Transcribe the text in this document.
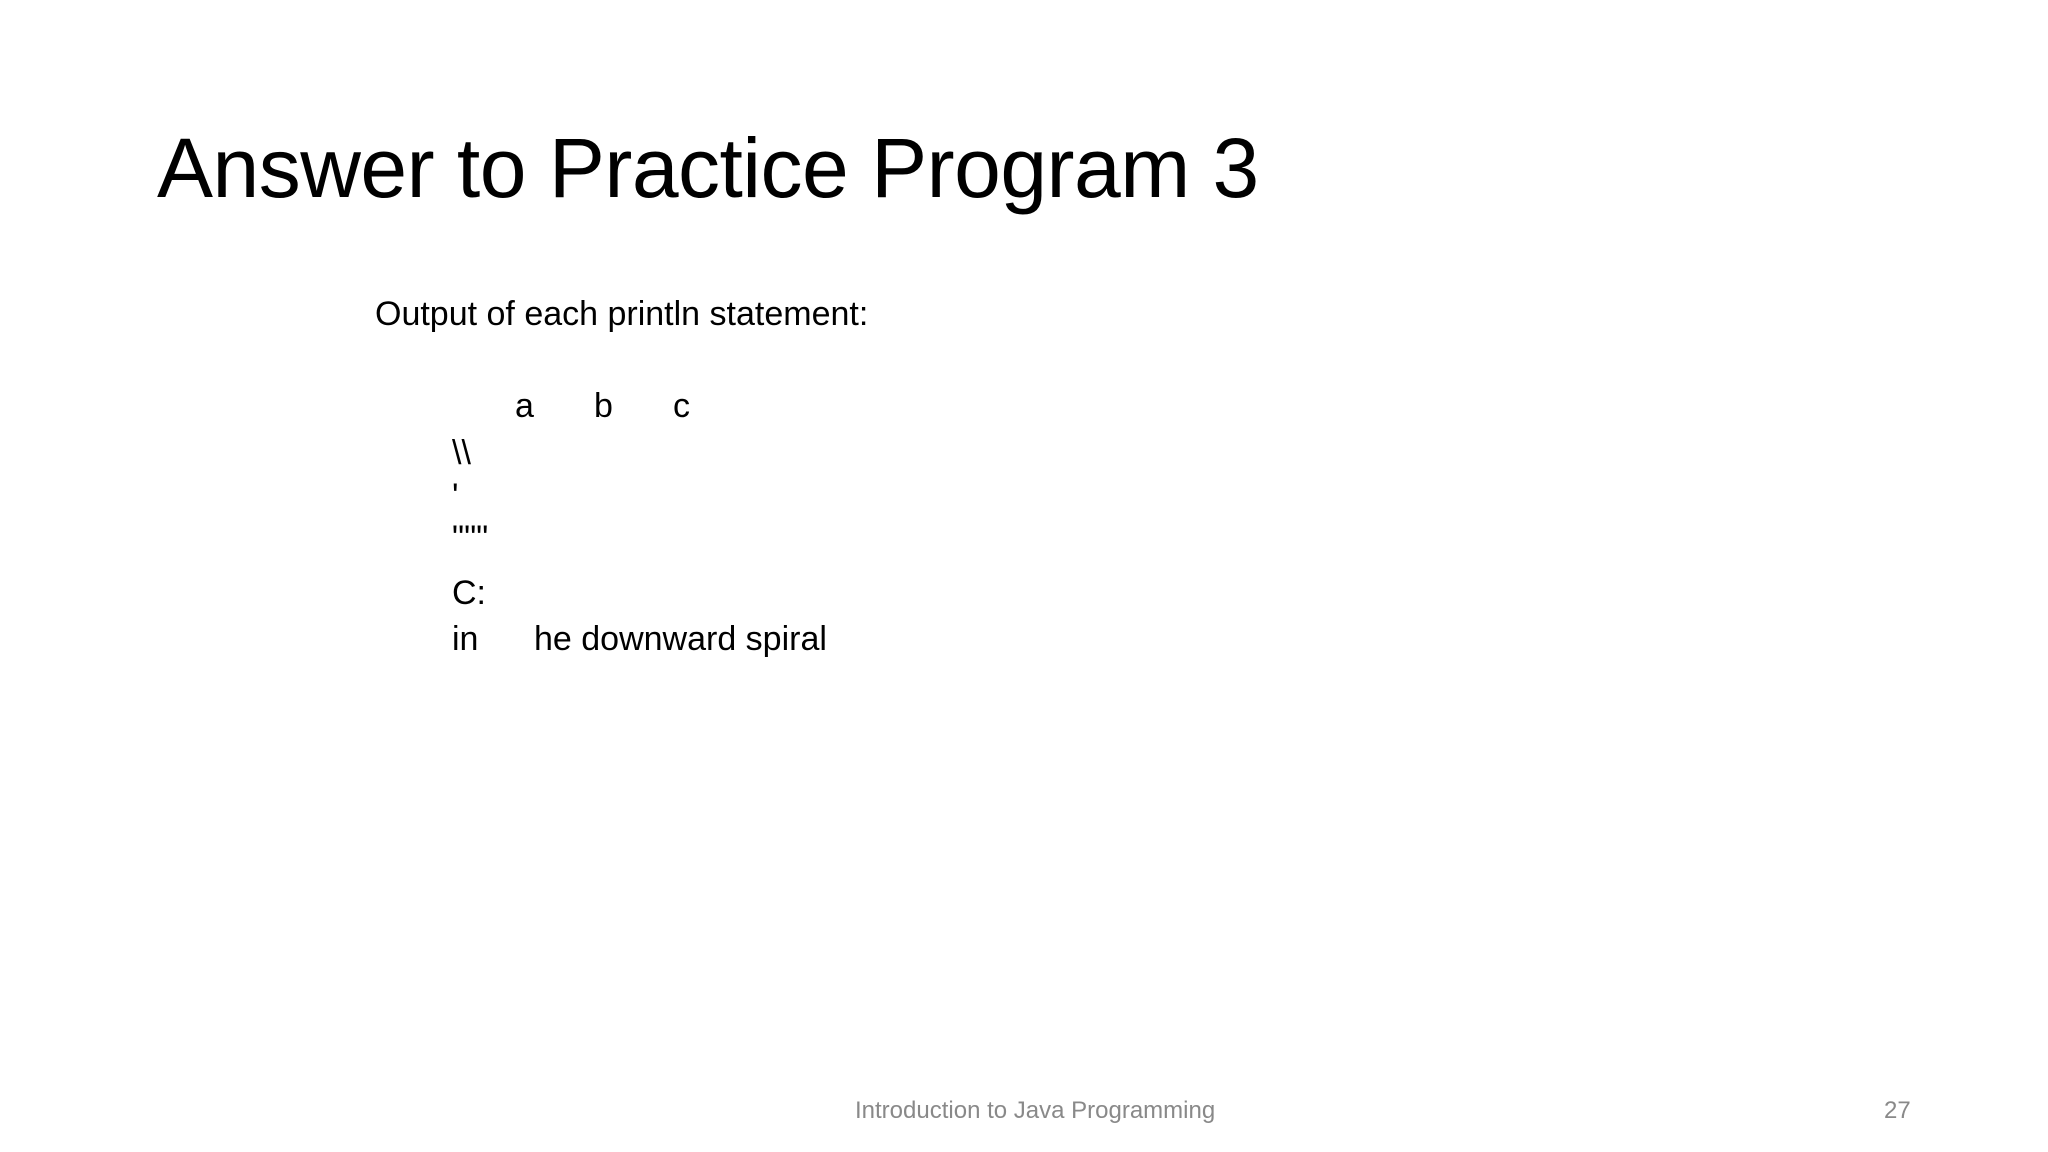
Answer to Practice Program 3
Output of each println statement:
a b c
\\
'
"""
C:
in he downward spiral
Introduction to Java Programming	27
